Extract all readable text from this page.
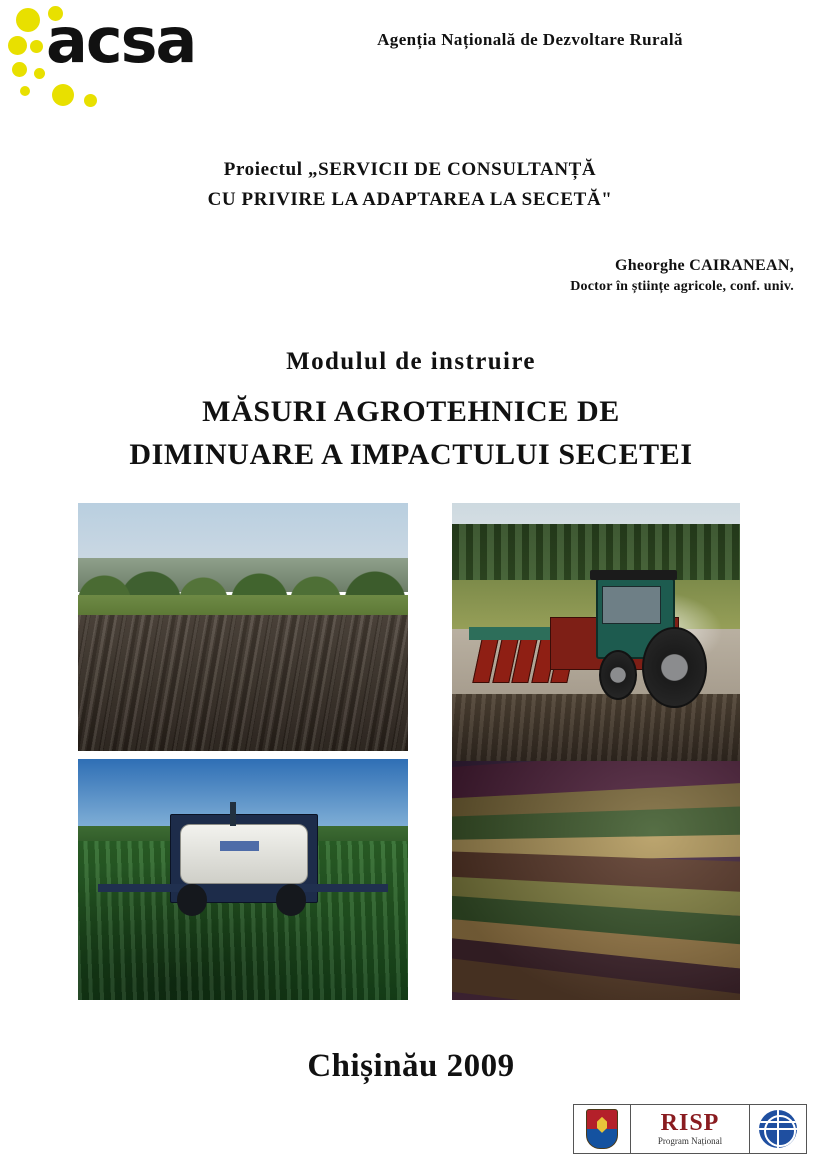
acsa	Agenția Națională de Dezvoltare Rurală
Proiectul „SERVICII DE CONSULTANȚĂ
CU PRIVIRE LA ADAPTAREA LA SECETĂ"
Gheorghe CAIRANEAN,
Doctor în științe agricole, conf. univ.
Modulul de instruire
MĂSURI AGROTEHNICE DE
DIMINUARE A IMPACTULUI SECETEI
Chișinău 2009
RISP
Program Național
